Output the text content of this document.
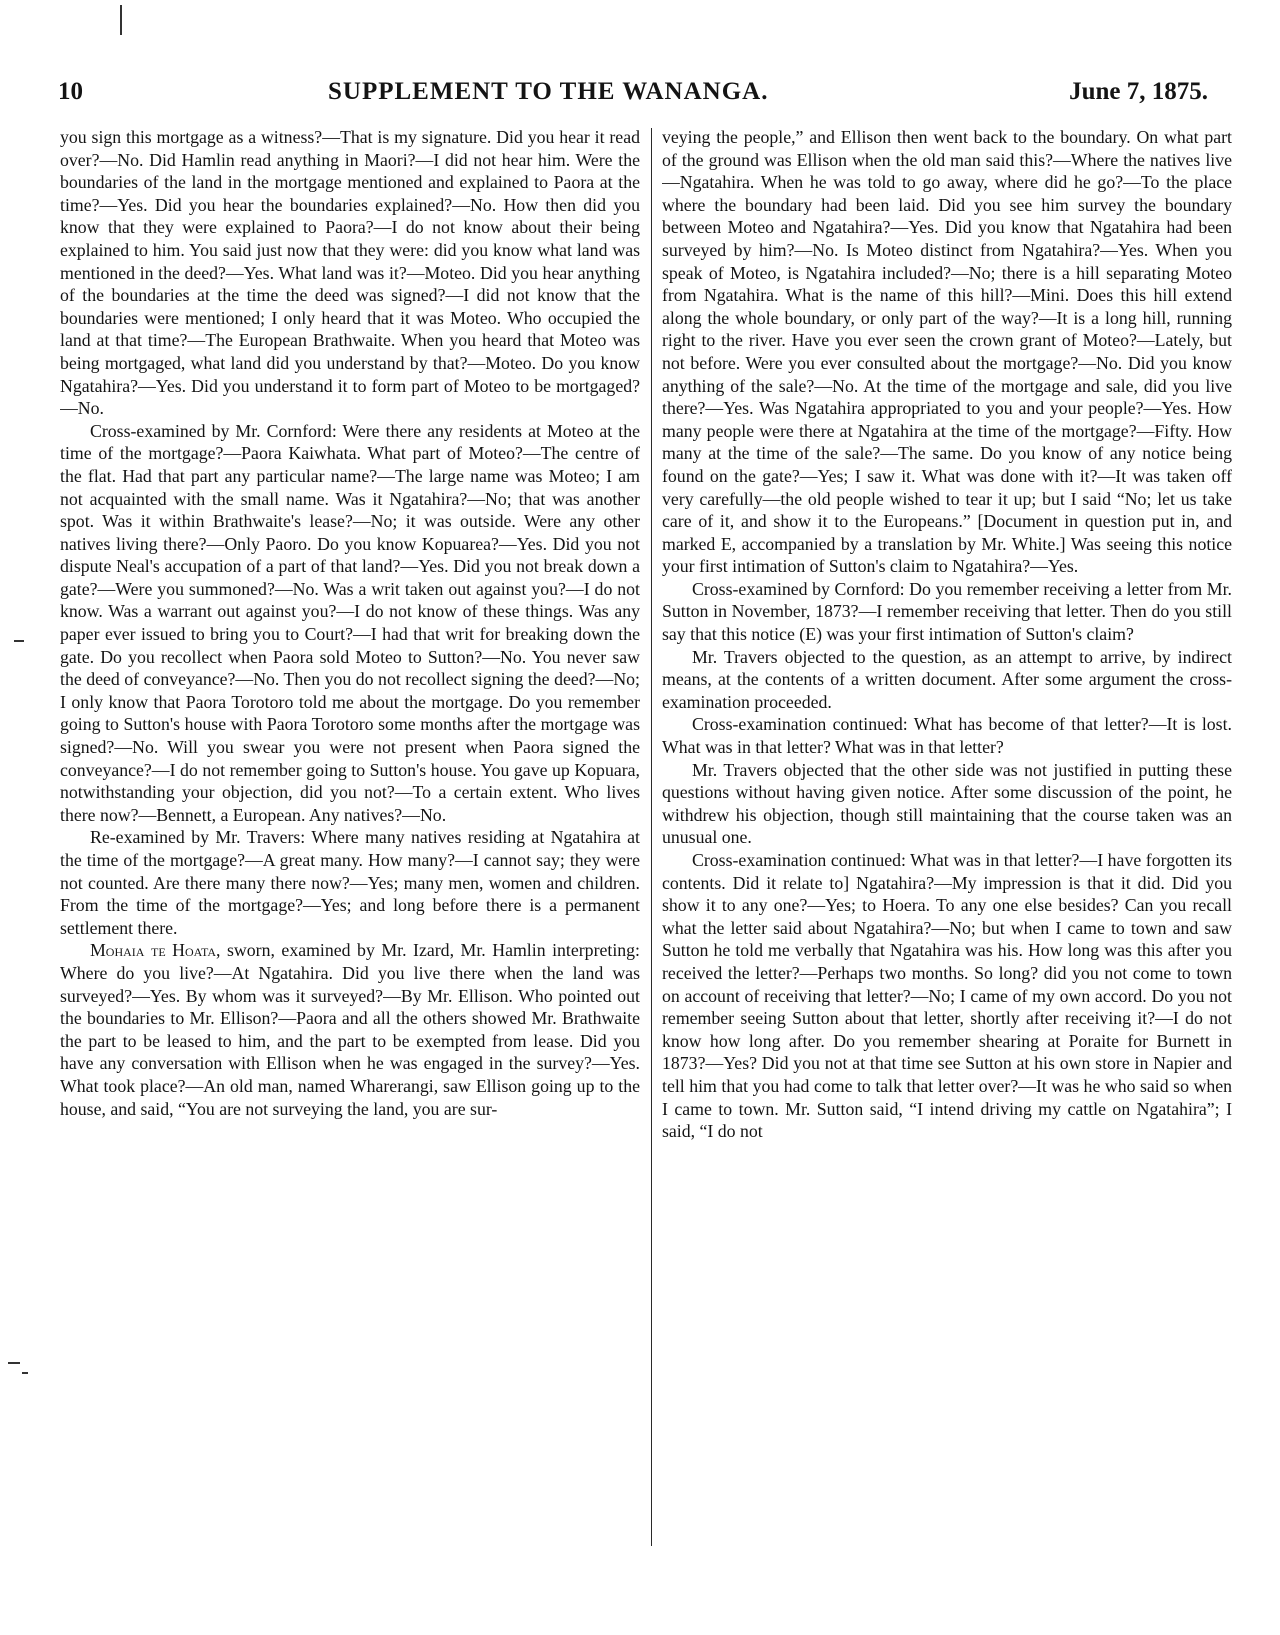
10	SUPPLEMENT TO THE WANANGA.	June 7, 1875.

you sign this mortgage as a witness?—That is my signature. Did you hear it read over?—No. Did Hamlin read anything in Maori?—I did not hear him. Were the boundaries of the land in the mortgage mentioned and explained to Paora at the time?—Yes. Did you hear the boundaries explained?—No. How then did you know that they were explained to Paora?—I do not know about their being explained to him. You said just now that they were: did you know what land was mentioned in the deed?—Yes. What land was it?—Moteo. Did you hear anything of the boundaries at the time the deed was signed?—I did not know that the boundaries were mentioned; I only heard that it was Moteo. Who occupied the land at that time?—The European Brathwaite. When you heard that Moteo was being mortgaged, what land did you understand by that?—Moteo. Do you know Ngatahira?—Yes. Did you understand it to form part of Moteo to be mortgaged?—No.

Cross-examined by Mr. Cornford: Were there any residents at Moteo at the time of the mortgage?—Paora Kaiwhata. What part of Moteo?—The centre of the flat. Had that part any particular name?—The large name was Moteo; I am not acquainted with the small name. Was it Ngatahira?—No; that was another spot. Was it within Brathwaite's lease?—No; it was outside. Were any other natives living there?—Only Paoro. Do you know Kopuarea?—Yes. Did you not dispute Neal's accupation of a part of that land?—Yes. Did you not break down a gate?—Were you summoned?—No. Was a writ taken out against you?—I do not know. Was a warrant out against you?—I do not know of these things. Was any paper ever issued to bring you to Court?—I had that writ for breaking down the gate. Do you recollect when Paora sold Moteo to Sutton?—No. You never saw the deed of conveyance?—No. Then you do not recollect signing the deed?—No; I only know that Paora Torotoro told me about the mortgage. Do you remember going to Sutton's house with Paora Torotoro some months after the mortgage was signed?—No. Will you swear you were not present when Paora signed the conveyance?—I do not remember going to Sutton's house. You gave up Kopuara, notwithstanding your objection, did you not?—To a certain extent. Who lives there now?—Bennett, a European. Any natives?—No.

Re-examined by Mr. Travers: Where many natives residing at Ngatahira at the time of the mortgage?—A great many. How many?—I cannot say; they were not counted. Are there many there now?—Yes; many men, women and children. From the time of the mortgage?—Yes; and long before there is a permanent settlement there.

Mohaia te Hoata, sworn, examined by Mr. Izard, Mr. Hamlin interpreting: Where do you live?—At Ngatahira. Did you live there when the land was surveyed?—Yes. By whom was it surveyed?—By Mr. Ellison. Who pointed out the boundaries to Mr. Ellison?—Paora and all the others showed Mr. Brathwaite the part to be leased to him, and the part to be exempted from lease. Did you have any conversation with Ellison when he was engaged in the survey?—Yes. What took place?—An old man, named Wharerangi, saw Ellison going up to the house, and said, “You are not surveying the land, you are sur-

veying the people,” and Ellison then went back to the boundary. On what part of the ground was Ellison when the old man said this?—Where the natives live—Ngatahira. When he was told to go away, where did he go?—To the place where the boundary had been laid. Did you see him survey the boundary between Moteo and Ngatahira?—Yes. Did you know that Ngatahira had been surveyed by him?—No. Is Moteo distinct from Ngatahira?—Yes. When you speak of Moteo, is Ngatahira included?—No; there is a hill separating Moteo from Ngatahira. What is the name of this hill?—Mini. Does this hill extend along the whole boundary, or only part of the way?—It is a long hill, running right to the river. Have you ever seen the crown grant of Moteo?—Lately, but not before. Were you ever consulted about the mortgage?—No. Did you know anything of the sale?—No. At the time of the mortgage and sale, did you live there?—Yes. Was Ngatahira appropriated to you and your people?—Yes. How many people were there at Ngatahira at the time of the mortgage?—Fifty. How many at the time of the sale?—The same. Do you know of any notice being found on the gate?—Yes; I saw it. What was done with it?—It was taken off very carefully—the old people wished to tear it up; but I said “No; let us take care of it, and show it to the Europeans.” [Document in question put in, and marked E, accompanied by a translation by Mr. White.] Was seeing this notice your first intimation of Sutton's claim to Ngatahira?—Yes.

Cross-examined by Cornford: Do you remember receiving a letter from Mr. Sutton in November, 1873?—I remember receiving that letter. Then do you still say that this notice (E) was your first intimation of Sutton's claim?

Mr. Travers objected to the question, as an attempt to arrive, by indirect means, at the contents of a written document. After some argument the cross-examination proceeded.

Cross-examination continued: What has become of that letter?—It is lost. What was in that letter? What was in that letter?

Mr. Travers objected that the other side was not justified in putting these questions without having given notice. After some discussion of the point, he withdrew his objection, though still maintaining that the course taken was an unusual one.

Cross-examination continued: What was in that letter?—I have forgotten its contents. Did it relate to] Ngatahira?—My impression is that it did. Did you show it to any one?—Yes; to Hoera. To any one else besides? Can you recall what the letter said about Ngatahira?—No; but when I came to town and saw Sutton he told me verbally that Ngatahira was his. How long was this after you received the letter?—Perhaps two months. So long? did you not come to town on account of receiving that letter?—No; I came of my own accord. Do you not remember seeing Sutton about that letter, shortly after receiving it?—I do not know how long after. Do you remember shearing at Poraite for Burnett in 1873?—Yes? Did you not at that time see Sutton at his own store in Napier and tell him that you had come to talk that letter over?—It was he who said so when I came to town. Mr. Sutton said, “I intend driving my cattle on Ngatahira”; I said, “I do not
